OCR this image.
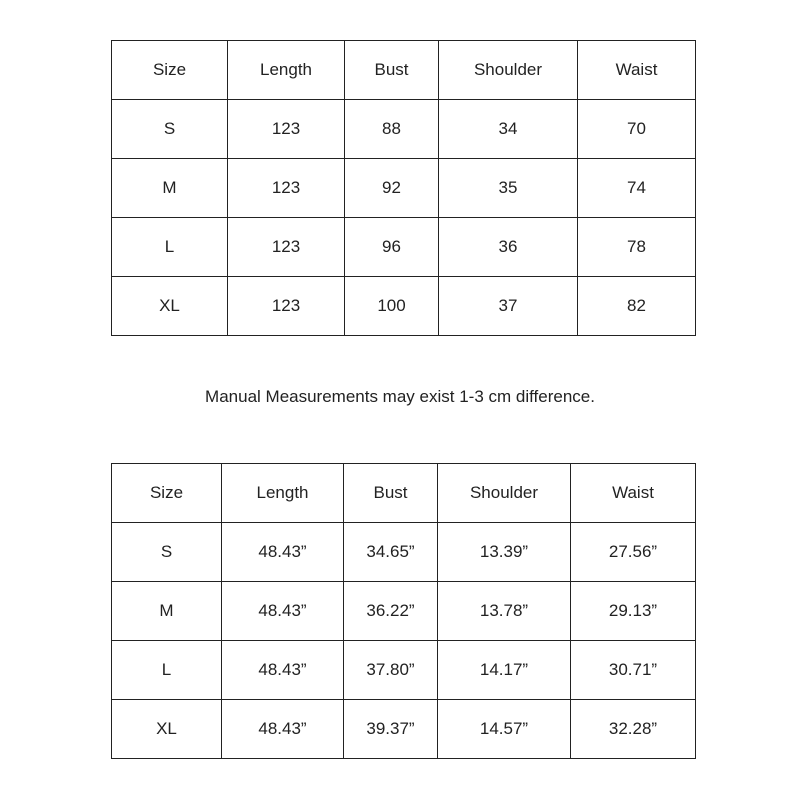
Size	Length	Bust	Shoulder	Waist
S	123	88	34	70
M	123	92	35	74
L	123	96	36	78
XL	123	100	37	82
Manual Measurements may exist 1-3 cm difference.
Size	Length	Bust	Shoulder	Waist
S	48.43”	34.65”	13.39”	27.56”
M	48.43”	36.22”	13.78”	29.13”
L	48.43”	37.80”	14.17”	30.71”
XL	48.43”	39.37”	14.57”	32.28”
